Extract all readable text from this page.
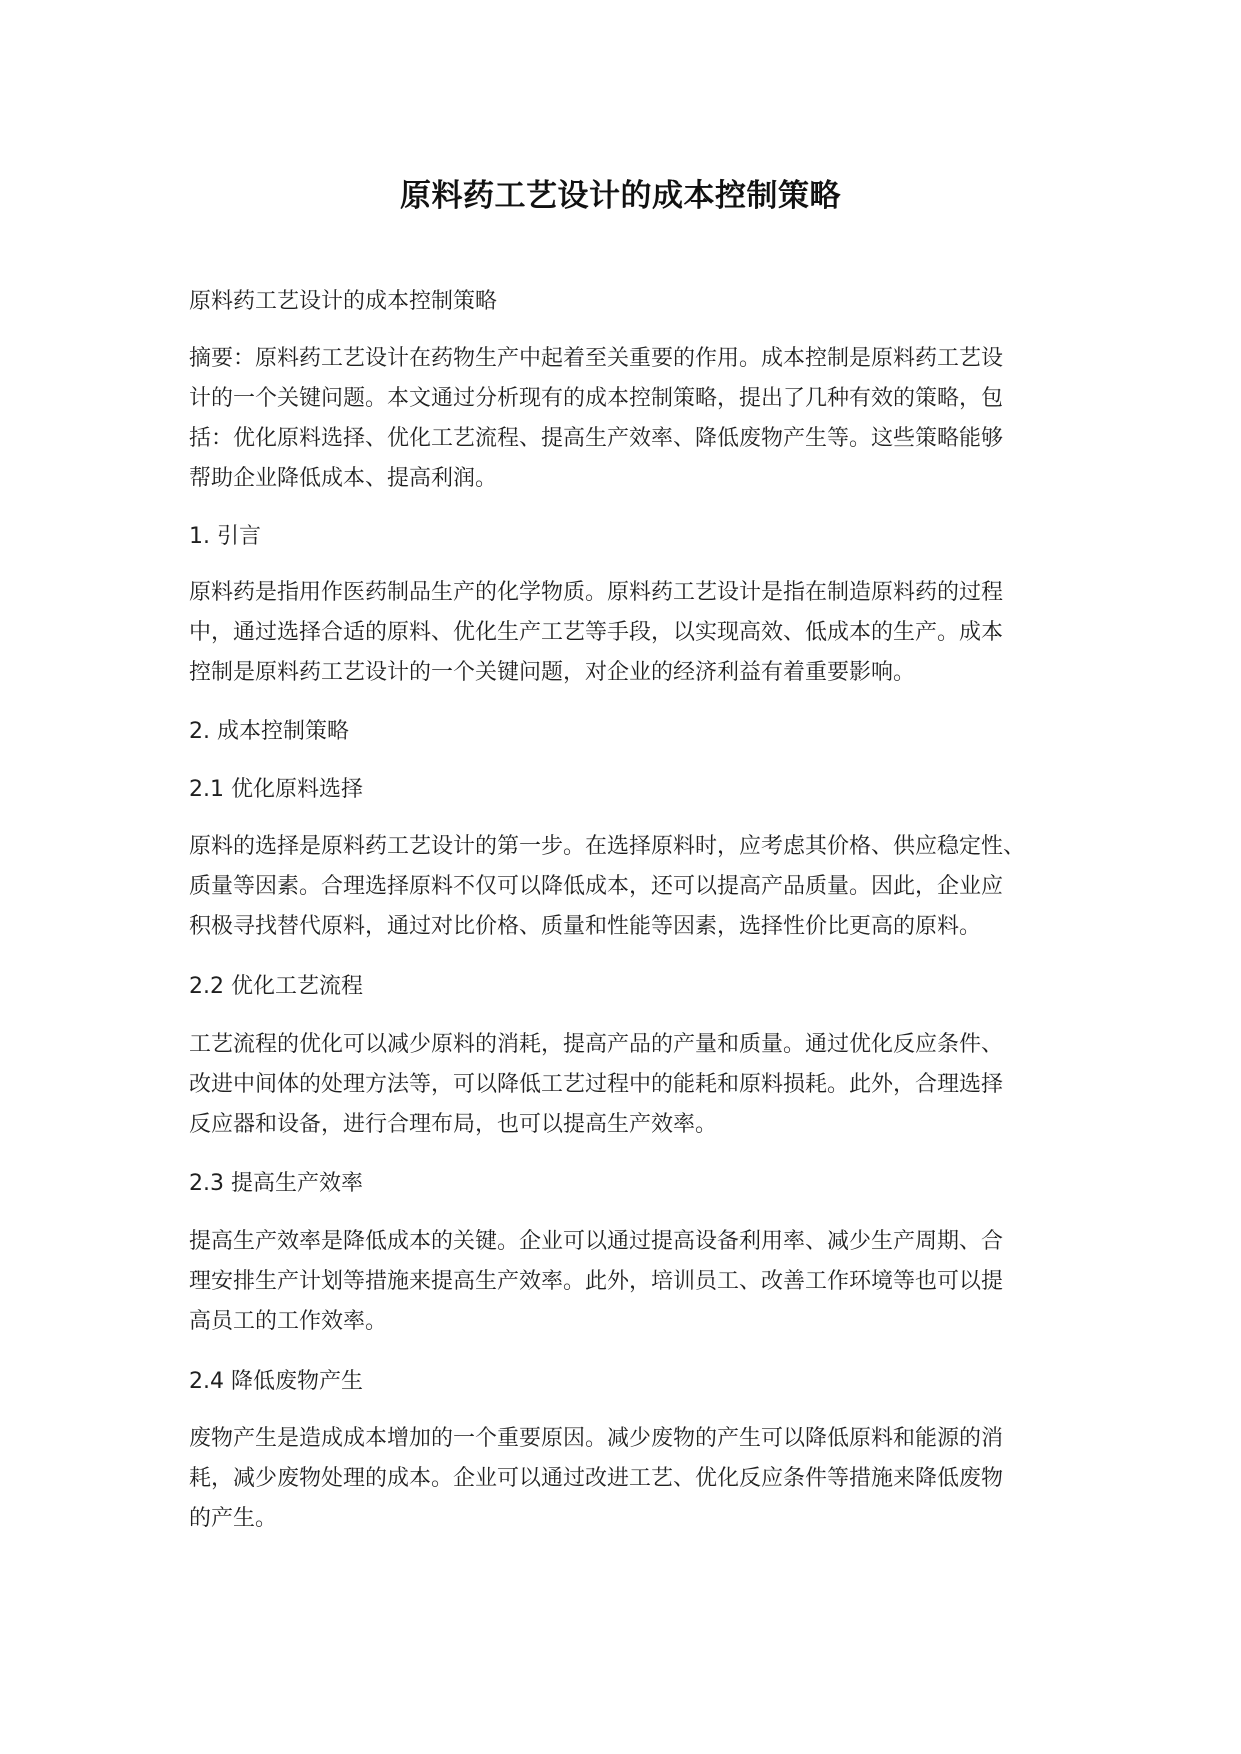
原料药工艺设计的成本控制策略
原料药工艺设计的成本控制策略
摘要：原料药工艺设计在药物生产中起着至关重要的作用。成本控制是原料药工艺设
计的一个关键问题。本文通过分析现有的成本控制策略，提出了几种有效的策略，包
括：优化原料选择、优化工艺流程、提高生产效率、降低废物产生等。这些策略能够
帮助企业降低成本、提高利润。
1. 引言
原料药是指用作医药制品生产的化学物质。原料药工艺设计是指在制造原料药的过程
中，通过选择合适的原料、优化生产工艺等手段，以实现高效、低成本的生产。成本
控制是原料药工艺设计的一个关键问题，对企业的经济利益有着重要影响。
2. 成本控制策略
2.1 优化原料选择
原料的选择是原料药工艺设计的第一步。在选择原料时，应考虑其价格、供应稳定性、
质量等因素。合理选择原料不仅可以降低成本，还可以提高产品质量。因此，企业应
积极寻找替代原料，通过对比价格、质量和性能等因素，选择性价比更高的原料。
2.2 优化工艺流程
工艺流程的优化可以减少原料的消耗，提高产品的产量和质量。通过优化反应条件、
改进中间体的处理方法等，可以降低工艺过程中的能耗和原料损耗。此外，合理选择
反应器和设备，进行合理布局，也可以提高生产效率。
2.3 提高生产效率
提高生产效率是降低成本的关键。企业可以通过提高设备利用率、减少生产周期、合
理安排生产计划等措施来提高生产效率。此外，培训员工、改善工作环境等也可以提
高员工的工作效率。
2.4 降低废物产生
废物产生是造成成本增加的一个重要原因。减少废物的产生可以降低原料和能源的消
耗，减少废物处理的成本。企业可以通过改进工艺、优化反应条件等措施来降低废物
的产生。
